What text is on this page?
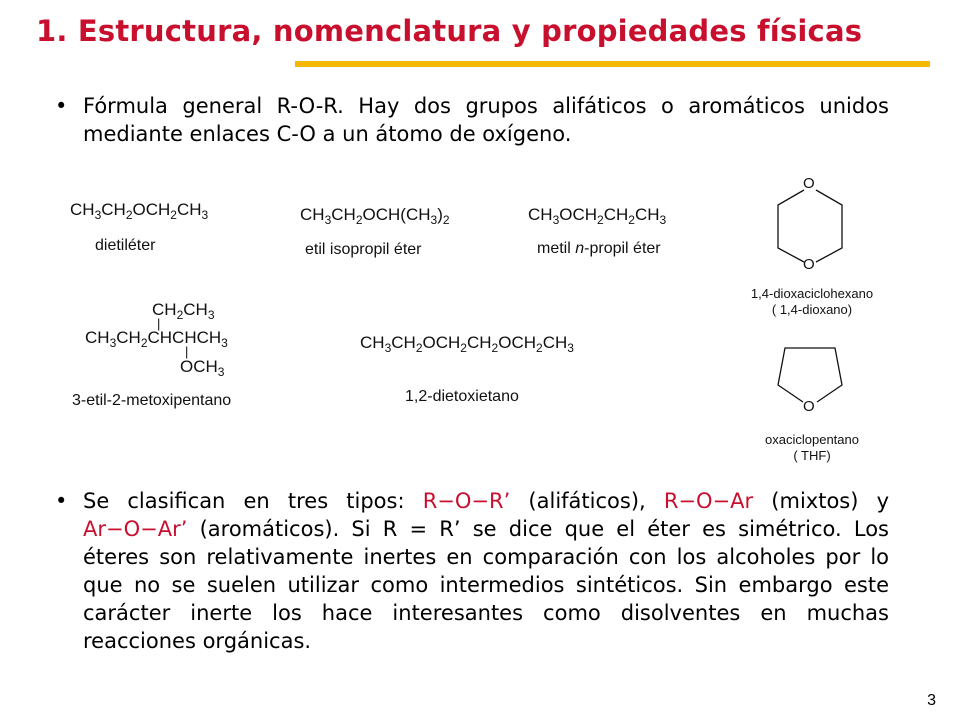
1. Estructura, nomenclatura y propiedades físicas
• Fórmula general R-O-R. Hay dos grupos alifáticos o aromáticos unidos mediante enlaces C-O a un átomo de oxígeno.
$CH_3CH_2OCH_2CH_3$
dietiléter
$CH_3CH_2OCH(CH_3)_2$
etil isopropil éter
$CH_3OCH_2CH_2CH_3$
metil n-propil éter
$CH_2CH_3$
|
$CH_3CH_2CHCHCH_3$
|
$OCH_3$
3-etil-2-metoxipentano
$CH_3CH_2OCH_2CH_2OCH_2CH_3$
1,2-dietoxietano
O
O
1,4-dioxaciclohexano
( 1,4-dioxano)
O
oxaciclopentano
( THF)
• Se clasifican en tres tipos: R−O−R’ (alifáticos), R−O−Ar (mixtos) y Ar−O−Ar’ (aromáticos). Si R = R’ se dice que el éter es simétrico. Los éteres son relativamente inertes en comparación con los alcoholes por lo que no se suelen utilizar como intermedios sintéticos. Sin embargo este carácter inerte los hace interesantes como disolventes en muchas reacciones orgánicas.
3
